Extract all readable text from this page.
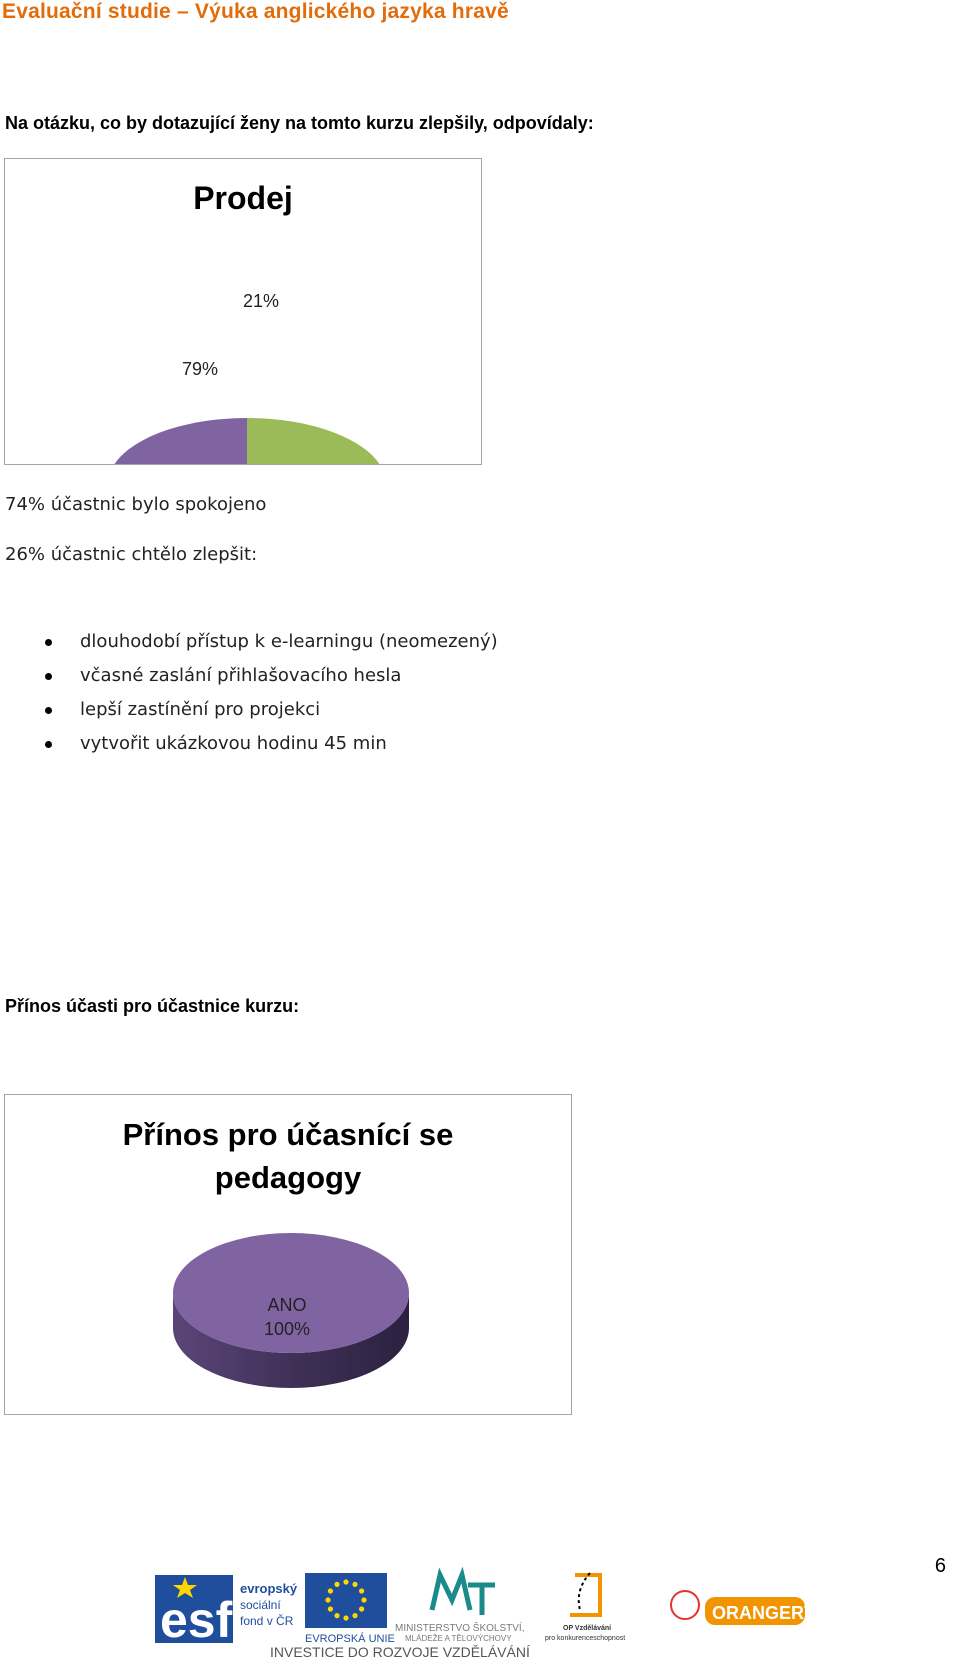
Evaluační studie – Výuka anglického jazyka hravě
Na otázku, co by dotazující ženy na tomto kurzu zlepšily, odpovídaly:
Prodej
21%
79%
74% účastnic bylo spokojeno
26% účastnic chtělo zlepšit:
dlouhodobí přístup k e-learningu (neomezený)
včasné zaslání přihlašovacího hesla
lepší zastínění pro projekci
vytvořit ukázkovou hodinu 45 min
Přínos účasti pro účastnice kurzu:
Přínos pro účasnící se
pedagogy
ANO
100%
6
esf
evropský
sociální
fond v ČR
EVROPSKÁ UNIE
MINISTERSTVO ŠKOLSTVÍ,
MLÁDEŽE A TĚLOVÝCHOVY
OP Vzdělávání
pro konkurenceschopnost
ORANGERY
INVESTICE DO ROZVOJE VZDĚLÁVÁNÍ
